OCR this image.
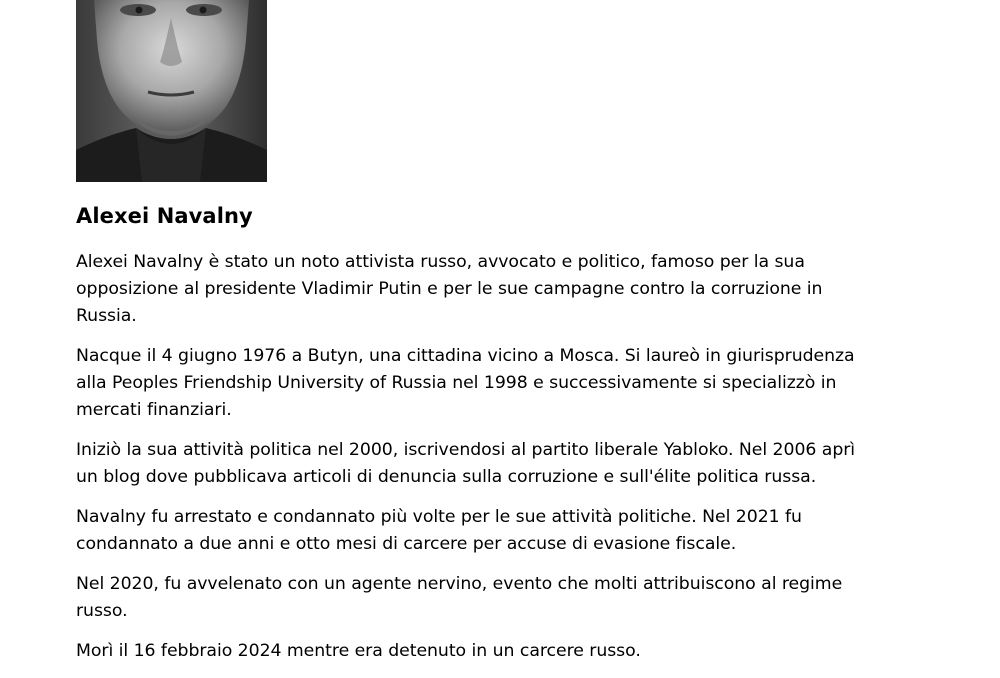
Alexei Navalny

Alexei Navalny è stato un noto attivista russo, avvocato e politico, famoso per la sua
opposizione al presidente Vladimir Putin e per le sue campagne contro la corruzione in
Russia.

Nacque il 4 giugno 1976 a Butyn, una cittadina vicino a Mosca. Si laureò in giurisprudenza
alla Peoples Friendship University of Russia nel 1998 e successivamente si specializzò in
mercati finanziari.

Iniziò la sua attività politica nel 2000, iscrivendosi al partito liberale Yabloko. Nel 2006 aprì
un blog dove pubblicava articoli di denuncia sulla corruzione e sull'élite politica russa.

Navalny fu arrestato e condannato più volte per le sue attività politiche. Nel 2021 fu
condannato a due anni e otto mesi di carcere per accuse di evasione fiscale.

Nel 2020, fu avvelenato con un agente nervino, evento che molti attribuiscono al regime
russo.

Morì il 16 febbraio 2024 mentre era detenuto in un carcere russo.
